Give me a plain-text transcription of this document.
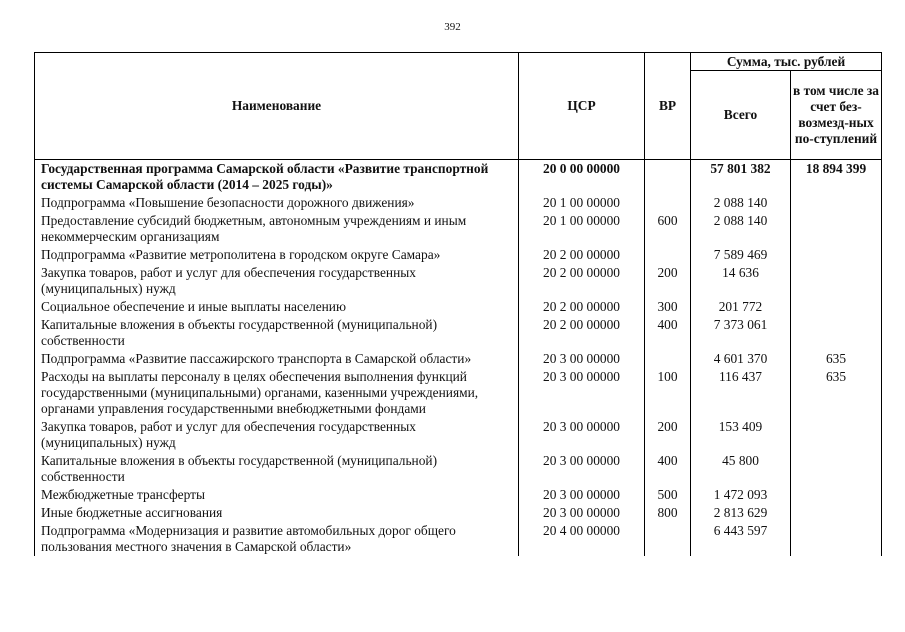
392
Наименование	ЦСР	ВР	Сумма, тыс. рублей	
			Всего	в том числе за счет без-возмезд-ных по-ступлений
Государственная программа Самарской области «Развитие транспортной системы Самарской области (2014 – 2025 годы)»	20 0 00 00000		57 801 382	18 894 399
Подпрограмма «Повышение безопасности дорожного движения»	20 1 00 00000		2 088 140	
Предоставление субсидий бюджетным, автономным учреждениям и иным некоммерческим организациям	20 1 00 00000	600	2 088 140	
Подпрограмма «Развитие метрополитена в городском округе Самара»	20 2 00 00000		7 589 469	
Закупка товаров, работ и услуг для обеспечения государственных (муниципальных) нужд	20 2 00 00000	200	14 636	
Социальное обеспечение и иные выплаты населению	20 2 00 00000	300	201 772	
Капитальные вложения в объекты государственной (муниципальной) собственности	20 2 00 00000	400	7 373 061	
Подпрограмма «Развитие пассажирского транспорта в Самарской области»	20 3 00 00000		4 601 370	635
Расходы на выплаты персоналу в целях обеспечения выполнения функций государственными (муниципальными) органами, казенными учреждениями, органами управления государственными внебюджетными фондами	20 3 00 00000	100	116 437	635
Закупка товаров, работ и услуг для обеспечения государственных (муниципальных) нужд	20 3 00 00000	200	153 409	
Капитальные вложения в объекты государственной (муниципальной) собственности	20 3 00 00000	400	45 800	
Межбюджетные трансферты	20 3 00 00000	500	1 472 093	
Иные бюджетные ассигнования	20 3 00 00000	800	2 813 629	
Подпрограмма «Модернизация и развитие автомобильных дорог общего пользования местного значения в Самарской области»	20 4 00 00000		6 443 597	
